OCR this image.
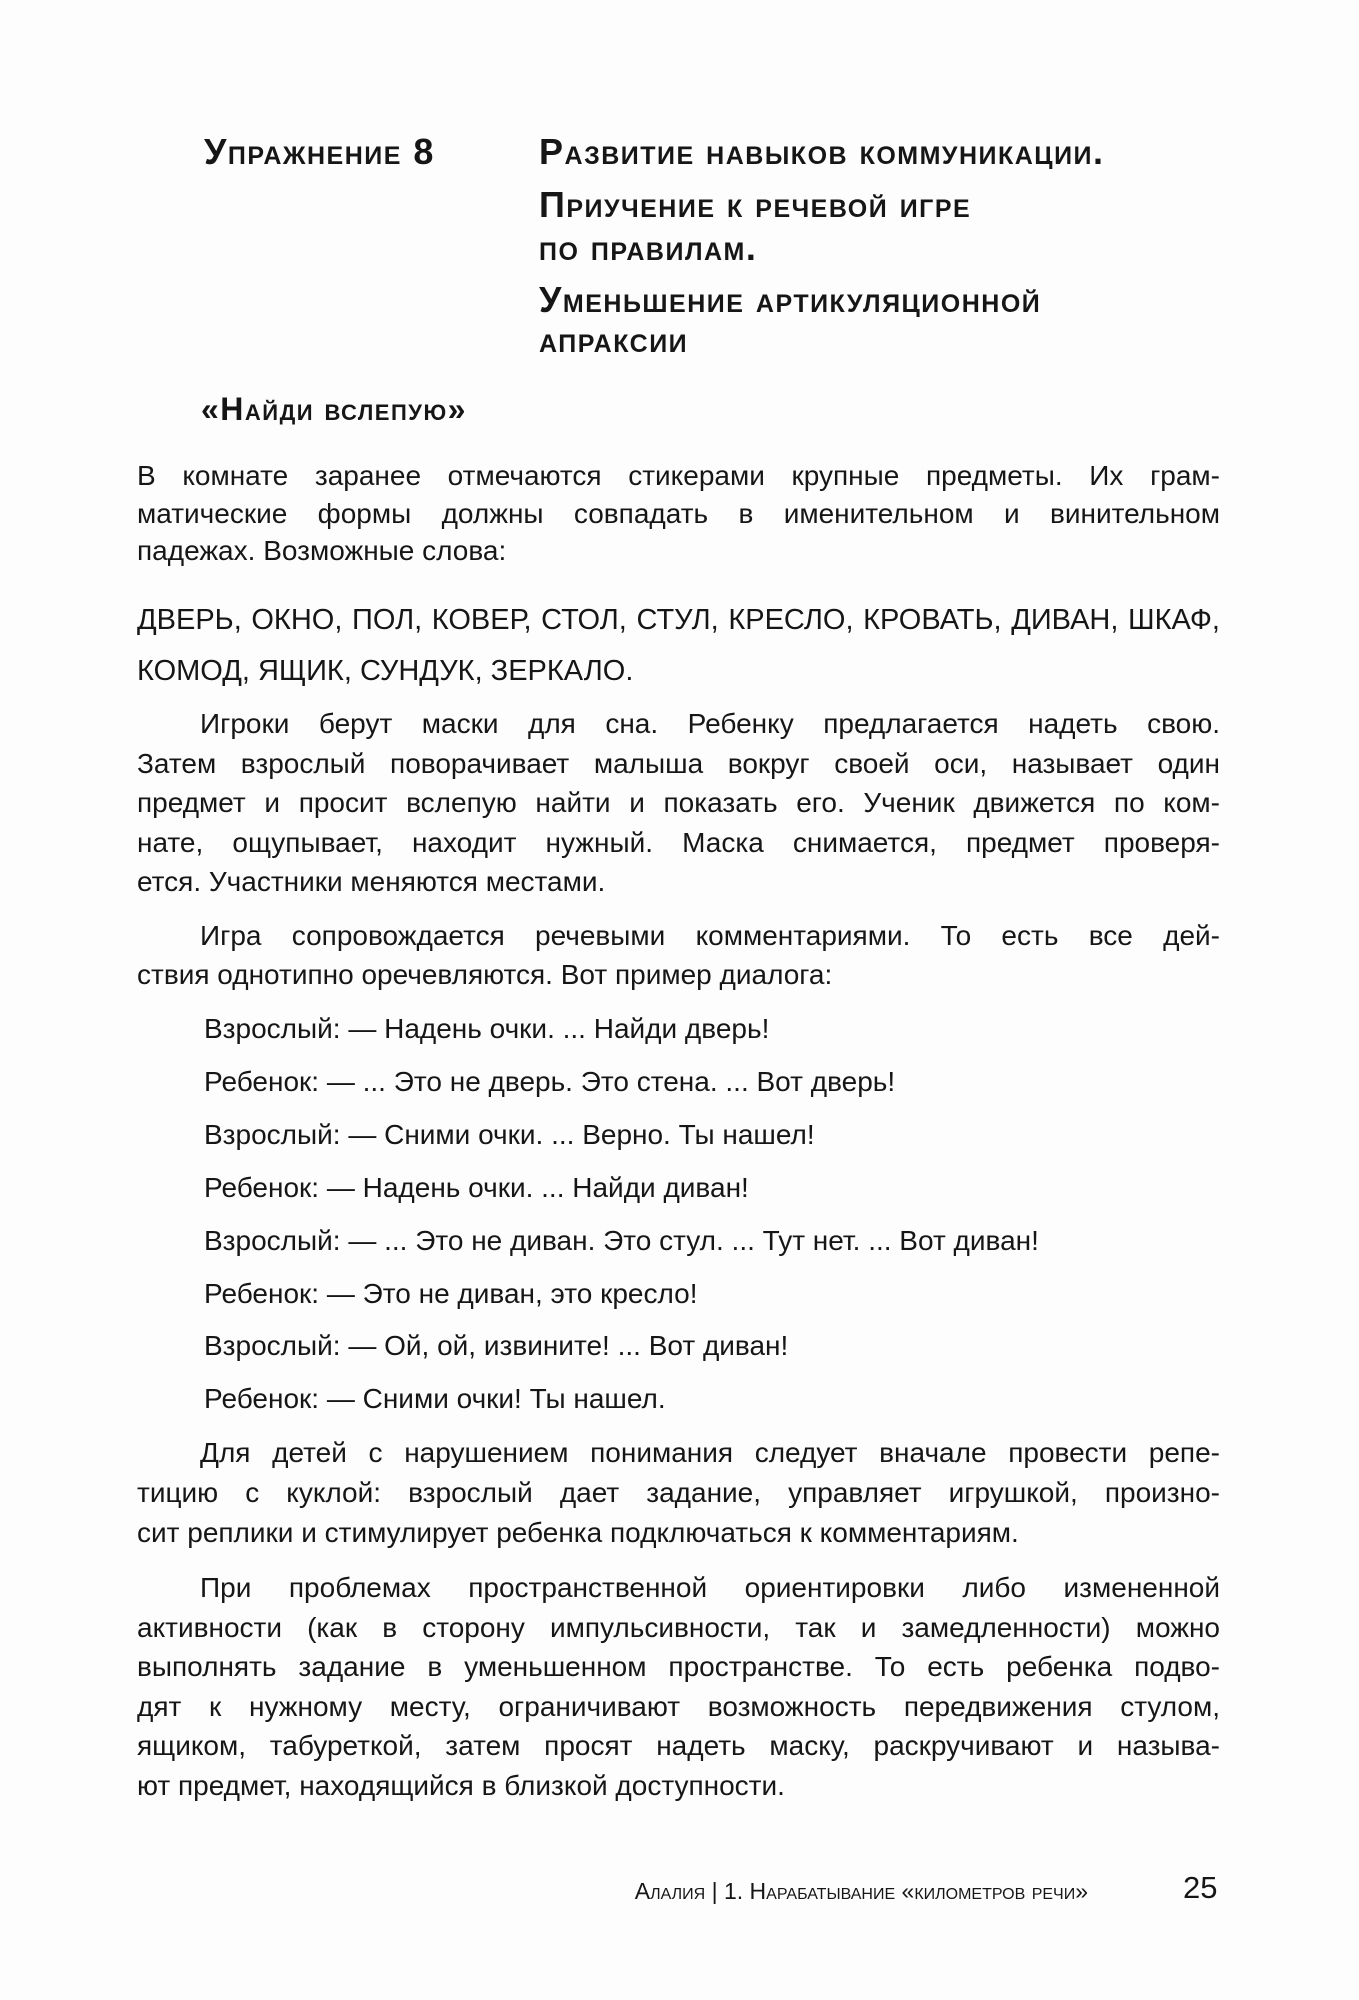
Упражнение 8	Развитие навыков коммуникации.
Приучение к речевой игре
по правилам.
Уменьшение артикуляционной
апраксии
«Найди вслепую»
В комнате заранее отмечаются стикерами крупные предметы. Их грам-
матические формы должны совпадать в именительном и винительном
падежах. Возможные слова:
ДВЕРЬ, ОКНО, ПОЛ, КОВЕР, СТОЛ, СТУЛ, КРЕСЛО, КРОВАТЬ, ДИВАН, ШКАФ,
КОМОД, ЯЩИК, СУНДУК, ЗЕРКАЛО.
Игроки берут маски для сна. Ребенку предлагается надеть свою.
Затем взрослый поворачивает малыша вокруг своей оси, называет один
предмет и просит вслепую найти и показать его. Ученик движется по ком-
нате, ощупывает, находит нужный. Маска снимается, предмет проверя-
ется. Участники меняются местами.
Игра сопровождается речевыми комментариями. То есть все дей-
ствия однотипно оречевляются. Вот пример диалога:
Взрослый: — Надень очки. ... Найди дверь!
Ребенок: — ... Это не дверь. Это стена. ... Вот дверь!
Взрослый: — Сними очки. ... Верно. Ты нашел!
Ребенок: — Надень очки. ... Найди диван!
Взрослый: — ... Это не диван. Это стул. ... Тут нет. ... Вот диван!
Ребенок: — Это не диван, это кресло!
Взрослый: — Ой, ой, извините! ... Вот диван!
Ребенок: — Сними очки! Ты нашел.
Для детей с нарушением понимания следует вначале провести репе-
тицию с куклой: взрослый дает задание, управляет игрушкой, произно-
сит реплики и стимулирует ребенка подключаться к комментариям.
При проблемах пространственной ориентировки либо измененной
активности (как в сторону импульсивности, так и замедленности) можно
выполнять задание в уменьшенном пространстве. То есть ребенка подво-
дят к нужному месту, ограничивают возможность передвижения стулом,
ящиком, табуреткой, затем просят надеть маску, раскручивают и называ-
ют предмет, находящийся в близкой доступности.
Алалия | 1. Нарабатывание «километров речи»	25
